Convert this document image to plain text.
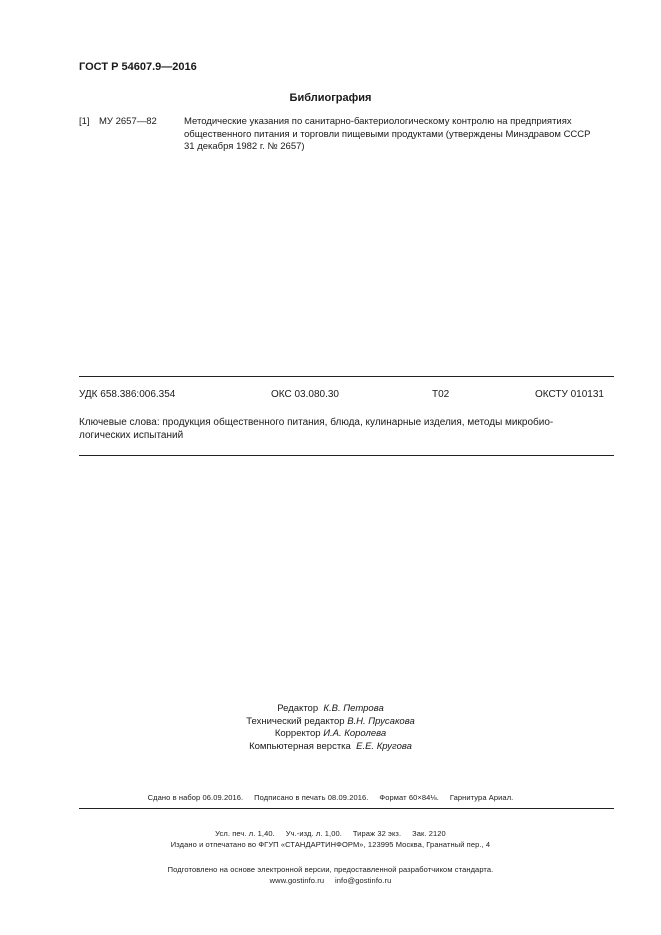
ГОСТ Р 54607.9—2016
Библиография
[1] МУ 2657—82	Методические указания по санитарно-бактериологическому контролю на предприятиях
общественного питания и торговли пищевыми продуктами (утверждены Минздравом СССР
31 декабря 1982 г. № 2657)
УДК 658.386:006.354	ОКС 03.080.30	Т02	ОКСТУ 010131
Ключевые слова: продукция общественного питания, блюда, кулинарные изделия, методы микробио-
логических испытаний
Редактор К.В. Петрова
Технический редактор В.Н. Прусакова
Корректор И.А. Королева
Компьютерная верстка Е.Е. Кругова

Сдано в набор 06.09.2016.     Подписано в печать 08.09.2016.     Формат 60×84⅛.     Гарнитура Ариал.

Усл. печ. л. 1,40.     Уч.-изд. л. 1,00.     Тираж 32 экз.     Зак. 2120

Подготовлено на основе электронной версии, предоставленной разработчиком стандарта.

Издано и отпечатано во ФГУП «СТАНДАРТИНФОРМ», 123995 Москва, Гранатный пер., 4

www.gostinfo.ru     info@gostinfo.ru
